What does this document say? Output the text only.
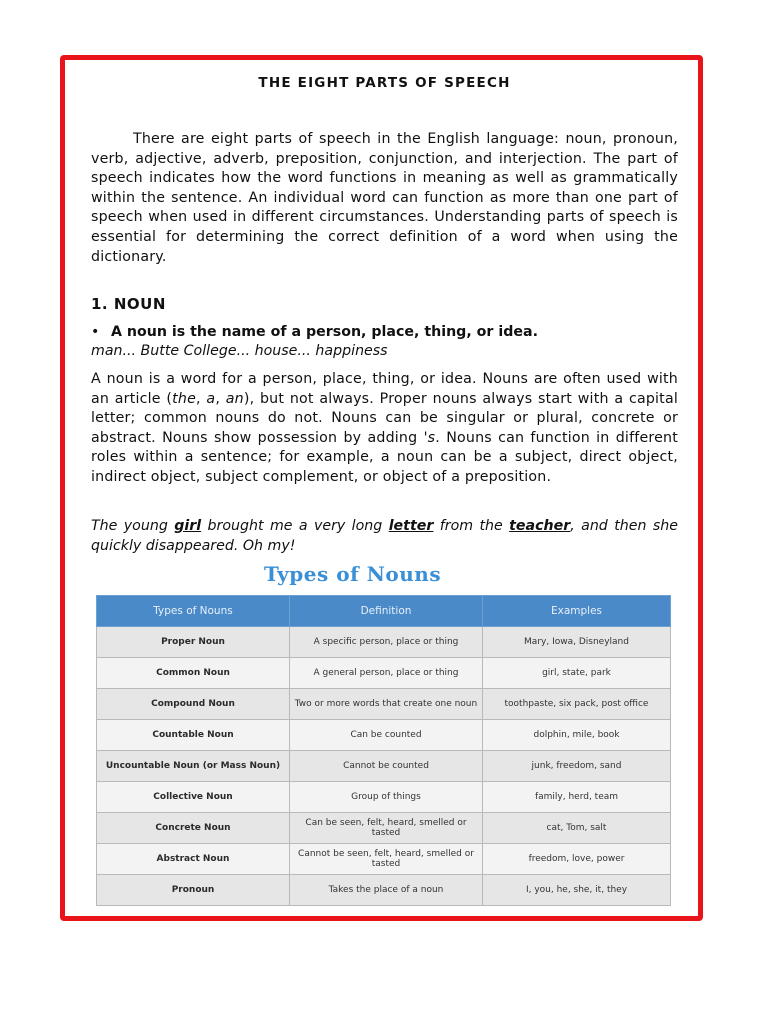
THE EIGHT PARTS OF SPEECH
There are eight parts of speech in the English language: noun, pronoun, verb, adjective, adverb, preposition, conjunction, and interjection. The part of speech indicates how the word functions in meaning as well as grammatically within the sentence. An individual word can function as more than one part of speech when used in different circumstances. Understanding parts of speech is essential for determining the correct definition of a word when using the dictionary.
1. NOUN
• A noun is the name of a person, place, thing, or idea.
man... Butte College... house... happiness
A noun is a word for a person, place, thing, or idea. Nouns are often used with an article (the, a, an), but not always. Proper nouns always start with a capital letter; common nouns do not. Nouns can be singular or plural, concrete or abstract. Nouns show possession by adding 's. Nouns can function in different roles within a sentence; for example, a noun can be a subject, direct object, indirect object, subject complement, or object of a preposition.
The young girl brought me a very long letter from the teacher, and then she quickly disappeared. Oh my!
Types of Nouns
Types of Nouns	Definition	Examples
Proper Noun	A specific person, place or thing	Mary, Iowa, Disneyland
Common Noun	A general person, place or thing	girl, state, park
Compound Noun	Two or more words that create one noun	toothpaste, six pack, post office
Countable Noun	Can be counted	dolphin, mile, book
Uncountable Noun (or Mass Noun)	Cannot be counted	junk, freedom, sand
Collective Noun	Group of things	family, herd, team
Concrete Noun	Can be seen, felt, heard, smelled or tasted	cat, Tom, salt
Abstract Noun	Cannot be seen, felt, heard, smelled or tasted	freedom, love, power
Pronoun	Takes the place of a noun	I, you, he, she, it, they
